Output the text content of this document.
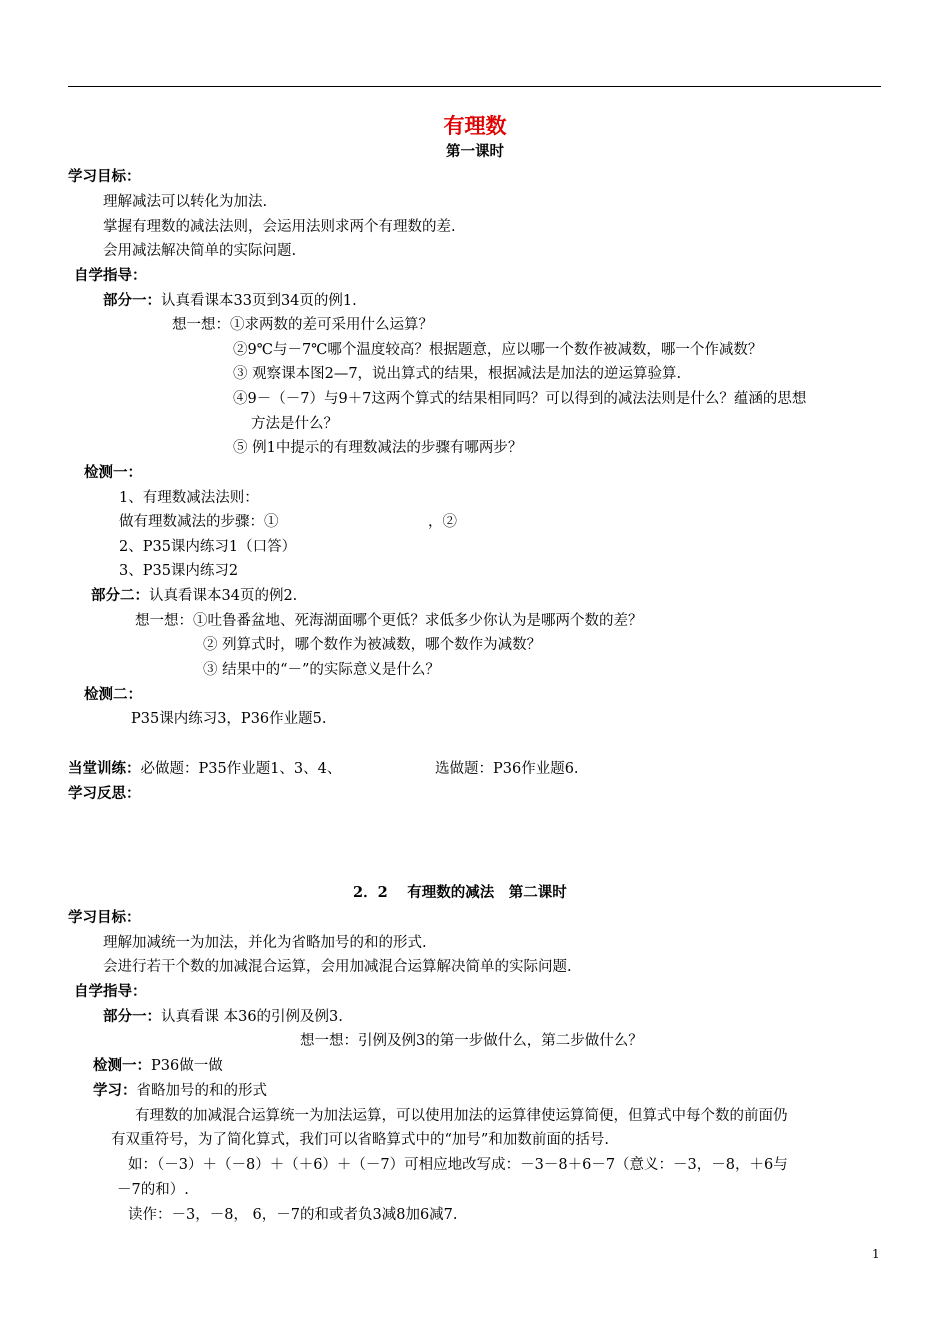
有理数
第一课时
学习目标：
理解减法可以转化为加法.
掌握有理数的减法法则，会运用法则求两个有理数的差.
会用减法解决简单的实际问题.
自学指导：
部分一：认真看课本33页到34页的例1.
想一想：①求两数的差可采用什么运算？
②9℃与－7℃哪个温度较高？根据题意，应以哪一个数作被减数，哪一个作减数？
③ 观察课本图2—7，说出算式的结果，根据减法是加法的逆运算验算.
④9－（－7）与9＋7这两个算式的结果相同吗？可以得到的减法法则是什么？蕴涵的思想
方法是什么？
⑤ 例1中提示的有理数减法的步骤有哪两步？
检测一：
1、有理数减法法则：
做有理数减法的步骤：①	，②
2、P35课内练习1（口答）
3、P35课内练习2
部分二：认真看课本34页的例2.
想一想：①吐鲁番盆地、死海湖面哪个更低？求低多少你认为是哪两个数的差？
② 列算式时，哪个数作为被减数，哪个数作为减数？
③ 结果中的“－”的实际意义是什么？
检测二：
P35课内练习3，P36作业题5.
当堂训练：必做题：P35作业题1、3、4、	选做题：P36作业题6.
学习反思：
2．2　 有理数的减法　第二课时
学习目标：
理解加减统一为加法，并化为省略加号的和的形式.
会进行若干个数的加减混合运算，会用加减混合运算解决简单的实际问题.
自学指导：
部分一：认真看课 本36的引例及例3.
想一想：引例及例3的第一步做什么，第二步做什么？
检测一：P36做一做
学习：省略加号的和的形式
有理数的加减混合运算统一为加法运算，可以使用加法的运算律使运算简便，但算式中每个数的前面仍
有双重符号，为了简化算式，我们可以省略算式中的“加号”和加数前面的括号.
如：（－3）＋（－8）＋（＋6）＋（－7）可相应地改写成：－3－8＋6－7（意义：－3，－8，＋6与
－7的和）.
读作：－3，－8， 6，－7的和或者负3减8加6减7.
1
